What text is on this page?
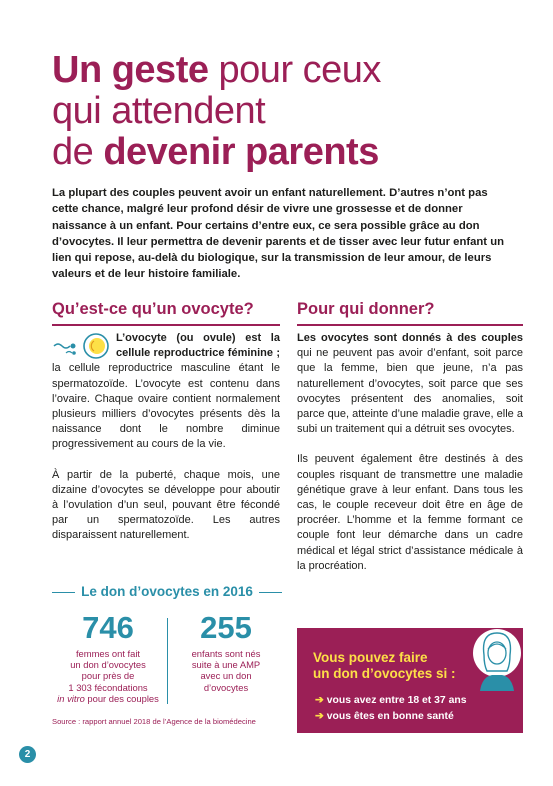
Un geste pour ceux
qui attendent
de devenir parents

La plupart des couples peuvent avoir un enfant naturellement. D’autres n’ont pas cette chance, malgré leur profond désir de vivre une grossesse et de donner naissance à un enfant. Pour certains d’entre eux, ce sera possible grâce au don d’ovocytes. Il leur permettra de devenir parents et de tisser avec leur futur enfant un lien qui repose, au-delà du biologique, sur la transmission de leur amour, de leurs valeurs et de leur histoire familiale.

Qu’est-ce qu’un ovocyte?	Pour qui donner?

L’ovocyte (ou ovule) est la cellule reproductrice féminine ; la cellule reproductrice masculine étant le spermatozoïde. L’ovocyte est contenu dans l’ovaire. Chaque ovaire contient normalement plusieurs milliers d’ovocytes présents dès la naissance dont le nombre diminue progressivement au cours de la vie.

À partir de la puberté, chaque mois, une dizaine d’ovocytes se développe pour aboutir à l’ovulation d’un seul, pouvant être fécondé par un spermatozoïde. Les autres disparaissent naturellement.

Les ovocytes sont donnés à des couples qui ne peuvent pas avoir d’enfant, soit parce que la femme, bien que jeune, n’a pas naturellement d’ovocytes, soit parce que ses ovocytes présentent des anomalies, soit parce que, atteinte d’une maladie grave, elle a subi un traitement qui a détruit ses ovocytes.

Ils peuvent également être destinés à des couples risquant de transmettre une maladie génétique grave à leur enfant. Dans tous les cas, le couple receveur doit être en âge de procréer. L’homme et la femme formant ce couple font leur démarche dans un cadre médical et légal strict d’assistance médicale à la procréation.

Le don d’ovocytes en 2016
746
femmes ont fait
un don d’ovocytes
pour près de
1 303 fécondations
in vitro pour des couples
255
enfants sont nés
suite à une AMP
avec un don
d’ovocytes
Source : rapport annuel 2018 de l’Agence de la biomédecine
Vous pouvez faire
un don d’ovocytes si :
➔ vous avez entre 18 et 37 ans
➔ vous êtes en bonne santé
2
